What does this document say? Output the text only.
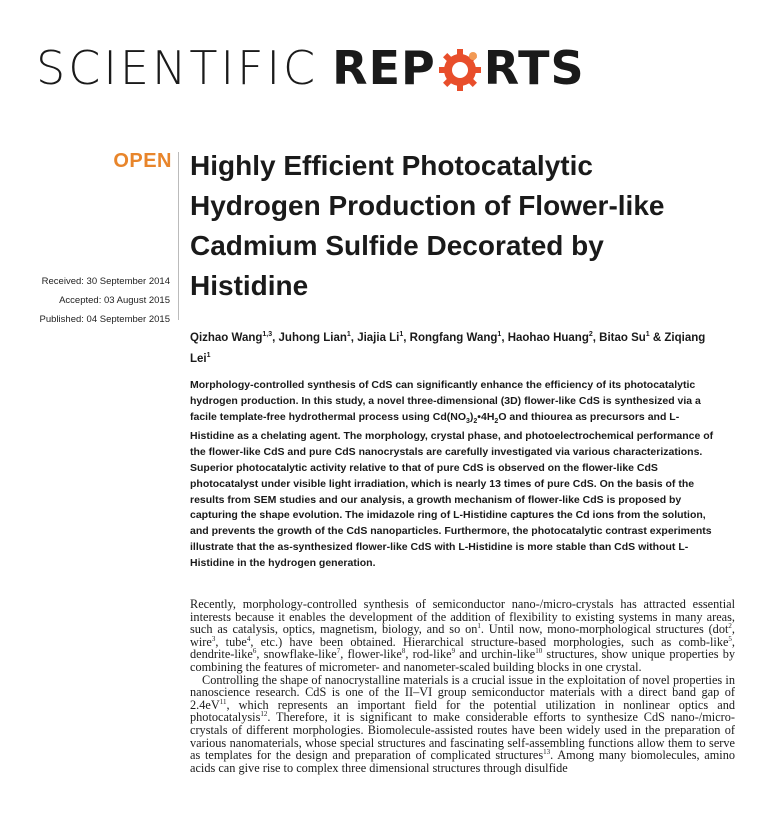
SCIENTIFIC REP RTS
OPEN
Received: 30 September 2014
Accepted: 03 August 2015
Published: 04 September 2015
Highly Efficient Photocatalytic Hydrogen Production of Flower-like Cadmium Sulfide Decorated by Histidine
Qizhao Wang$^{1,3}$, Juhong Lian$^1$, Jiajia Li$^1$, Rongfang Wang$^1$, Haohao Huang$^2$, Bitao Su$^1$ & Ziqiang Lei$^1$
Morphology-controlled synthesis of CdS can significantly enhance the efficiency of its photocatalytic hydrogen production. In this study, a novel three-dimensional (3D) flower-like CdS is synthesized via a facile template-free hydrothermal process using $Cd(NO_3)_2•4H_2O$ and thiourea as precursors and L-Histidine as a chelating agent. The morphology, crystal phase, and photoelectrochemical performance of the flower-like CdS and pure CdS nanocrystals are carefully investigated via various characterizations. Superior photocatalytic activity relative to that of pure CdS is observed on the flower-like CdS photocatalyst under visible light irradiation, which is nearly 13 times of pure CdS. On the basis of the results from SEM studies and our analysis, a growth mechanism of flower-like CdS is proposed by capturing the shape evolution. The imidazole ring of L-Histidine captures the Cd ions from the solution, and prevents the growth of the CdS nanoparticles. Furthermore, the photocatalytic contrast experiments illustrate that the as-synthesized flower-like CdS with L-Histidine is more stable than CdS without L-Histidine in the hydrogen generation.

Recently, morphology-controlled synthesis of semiconductor nano-/micro-crystals has attracted essential interests because it enables the development of the addition of flexibility to existing systems in many areas, such as catalysis, optics, magnetism, biology, and so $on^1$. Until now, mono-morphological structures (dot$^2$, wire$^3$, tube$^4$, etc.) have been obtained. Hierarchical structure-based morphologies, such as comb-like$^5$, dendrite-like$^6$, snowflake-like$^7$, flower-like$^8$, rod-like$^9$ and urchin-like$^{10}$ structures, show unique properties by combining the features of micrometer- and nanometer-scaled building blocks in one crystal.

Controlling the shape of nanocrystalline materials is a crucial issue in the exploitation of novel properties in nanoscience research. CdS is one of the II–VI group semiconductor materials with a direct band gap of $2.4eV^{11}$, which represents an important field for the potential utilization in nonlinear optics and photocatalysis$^{12}$. Therefore, it is significant to make considerable efforts to synthesize CdS nano-/micro-crystals of different morphologies. Biomolecule-assisted routes have been widely used in the preparation of various nanomaterials, whose special structures and fascinating self-assembling functions allow them to serve as templates for the design and preparation of complicated structures$^{13}$. Among many biomolecules, amino acids can give rise to complex three dimensional structures through disulfide
